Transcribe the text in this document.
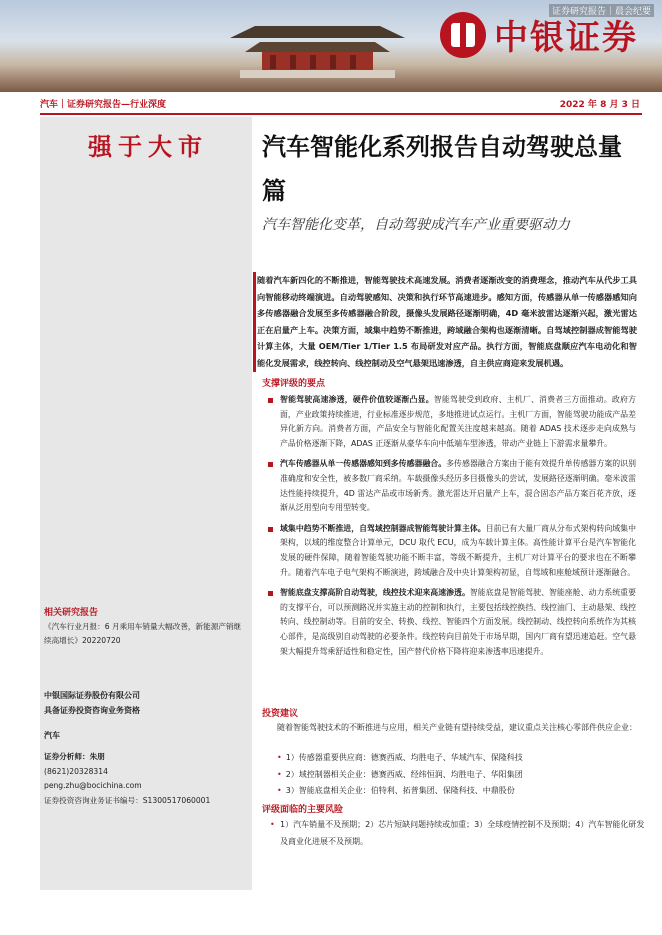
中银证券
证券研究报告｜晨会纪要
汽车｜证券研究报告—行业深度	2022 年 8 月 3 日
强于大市 汽车智能化系列报告自动驾驶总量篇
汽车智能化变革，自动驾驶成汽车产业重要驱动力
随着汽车新四化的不断推进，智能驾驶技术高速发展。消费者逐渐改变的消费理念，推动汽车从代步工具向智能移动终端演进。自动驾驶感知、决策和执行环节高速进步。感知方面，传感器从单一传感器感知向多传感器融合发展至多传感器融合阶段，摄像头发展路径逐渐明确，4D 毫米波雷达逐渐兴起，激光雷达正在启量产上车。决策方面，域集中趋势不断推进，跨域融合架构也逐渐清晰。自驾域控制器成智能驾驶计算主体，大量 OEM/Tier 1/Tier 1.5 布局研发对应产品。执行方面，智能底盘顺应汽车电动化和智能化发展需求，线控转向、线控制动及空气悬架迅速渗透，自主供应商迎来发展机遇。
支撑评级的要点
智能驾驶高速渗透，硬件价值较逐渐凸显。智能驾驶受到政府、主机厂、消费者三方面推动。政府方面，产业政策持续推进，行业标准逐步规范，多地推进试点运行。主机厂方面，智能驾驶功能成产品差异化新方向。消费者方面，产品安全与智能化配置关注度越来越高。随着 ADAS 技术逐步走向成熟与产品价格逐渐下降，ADAS 正逐渐从豪华车向中低端车型渗透，带动产业链上下游需求量攀升。
汽车传感器从单一传感器感知到多传感器融合。多传感器融合方案由于能有效提升单传感器方案的识别准确度和安全性，被多数厂商采纳。车载摄像头经历多目摄像头的尝试，发展路径逐渐明确。毫米波雷达性能持续提升，4D 雷达产品或市场新秀。激光雷达开启量产上车，混合固态产品方案百花齐放，逐渐从泛用型向专用型转变。
域集中趋势不断推进，自驾域控制器成智能驾驶计算主体。目前已有大量厂商从分布式架构转向域集中架构，以域的维度整合计算单元，DCU 取代 ECU，成为车载计算主体。高性能计算平台是汽车智能化发展的硬件保障，随着智能驾驶功能不断丰富，等级不断提升，主机厂对计算平台的要求也在不断攀升。随着汽车电子电气架构不断演进，跨域融合及中央计算架构初显，自驾域和座舱域预计逐渐融合。
智能底盘支撑高阶自动驾驶，线控技术迎来高速渗透。智能底盘是智能驾驶、智能座舱、动力系统重要的支撑平台，可以预测路况并实施主动的控制和执行，主要包括线控换挡、线控油门、主动悬架、线控转向、线控制动等。目前的安全、转换、线控、智能四个方面发展。线控制动、线控转向系统作为其核心部件，是高级别自动驾驶的必要条件。线控转向目前处于市场早期，国内厂商有望迅速追赶。空气悬架大幅提升驾乘舒适性和稳定性，国产替代价格下降将迎来渗透率迅速提升。
投资建议
随着智能驾驶技术的不断推进与应用，相关产业链有望持续受益，建议重点关注核心零部件供应企业：
• 1）传感器重要供应商：德赛西威、均胜电子、华域汽车、保隆科技
• 2）域控制器相关企业：德赛西威、经纬恒润、均胜电子、华阳集团
• 3）智能底盘相关企业：伯特利、拓普集团、保隆科技、中鼎股份
评级面临的主要风险
• 1）汽车销量不及预期；2）芯片短缺问题持续或加重；3）全球疫情控制不及预期；4）汽车智能化研发及商业化进展不及预期。
相关研究报告
《汽车行业月报：6 月乘用车销量大幅改善，新能源产销继续高增长》20220720
中银国际证券股份有限公司
具备证券投资咨询业务资格
汽车
证券分析师：朱朋
(8621)20328314
peng.zhu@bocichina.com
证券投资咨询业务证书编号：S1300517060001
